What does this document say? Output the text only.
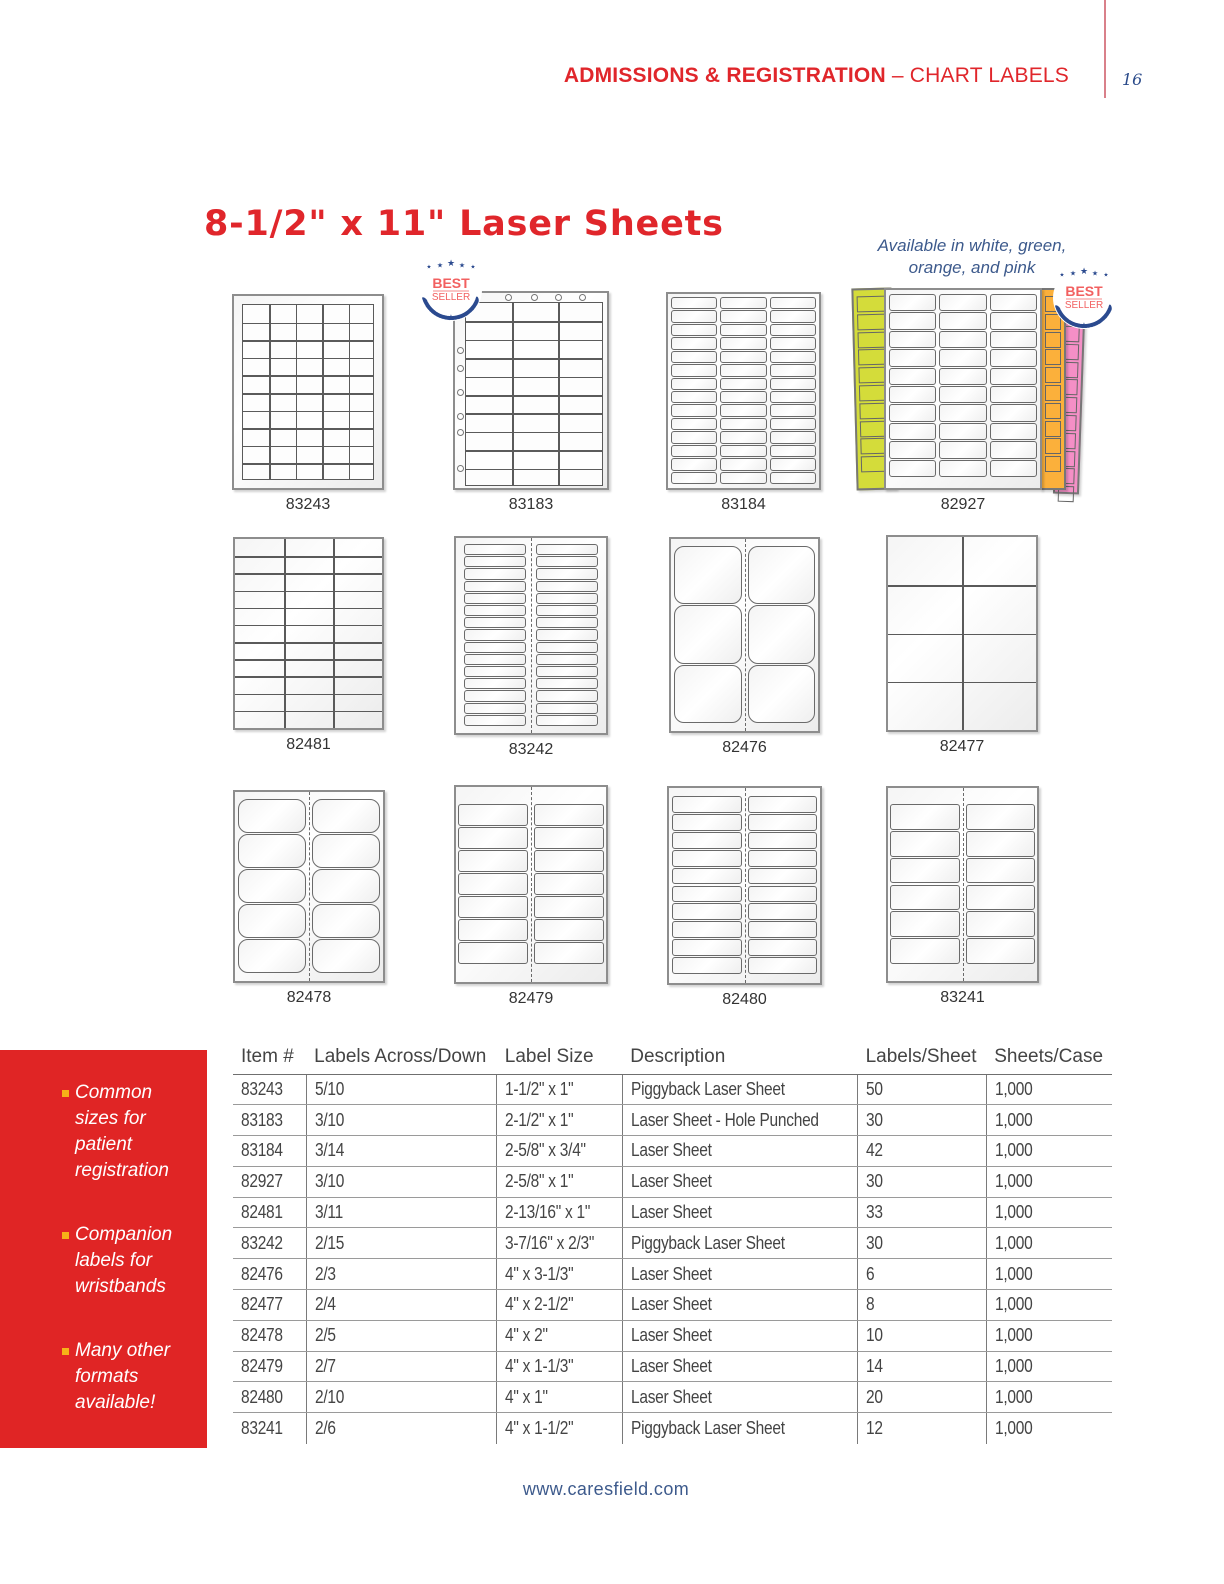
ADMISSIONS & REGISTRATION – CHART LABELS	16
8-1/2" x 11" Laser Sheets
Available in white, green,
orange, and pink
83243
★ ★ ★ ★ ★
BEST
SELLER
★
83183	83184
★ ★ ★ ★ ★
BEST
SELLER
★
82927
82481	83242	82476	82477
82478	82479	82480	83241
Common sizes for patient registration
Companion labels for wristbands
Many other formats available!
Item #	Labels Across/Down	Label Size	Description	Labels/Sheet	Sheets/Case
83243	5/10	1-1/2" x 1"	Piggyback Laser Sheet	50	1,000
83183	3/10	2-1/2" x 1"	Laser Sheet - Hole Punched	30	1,000
83184	3/14	2-5/8" x 3/4"	Laser Sheet	42	1,000
82927	3/10	2-5/8" x 1"	Laser Sheet	30	1,000
82481	3/11	2-13/16" x 1"	Laser Sheet	33	1,000
83242	2/15	3-7/16" x 2/3"	Piggyback Laser Sheet	30	1,000
82476	2/3	4" x 3-1/3"	Laser Sheet	6	1,000
82477	2/4	4" x 2-1/2"	Laser Sheet	8	1,000
82478	2/5	4" x 2"	Laser Sheet	10	1,000
82479	2/7	4" x 1-1/3"	Laser Sheet	14	1,000
82480	2/10	4" x 1"	Laser Sheet	20	1,000
83241	2/6	4" x 1-1/2"	Piggyback Laser Sheet	12	1,000
www.caresfield.com
